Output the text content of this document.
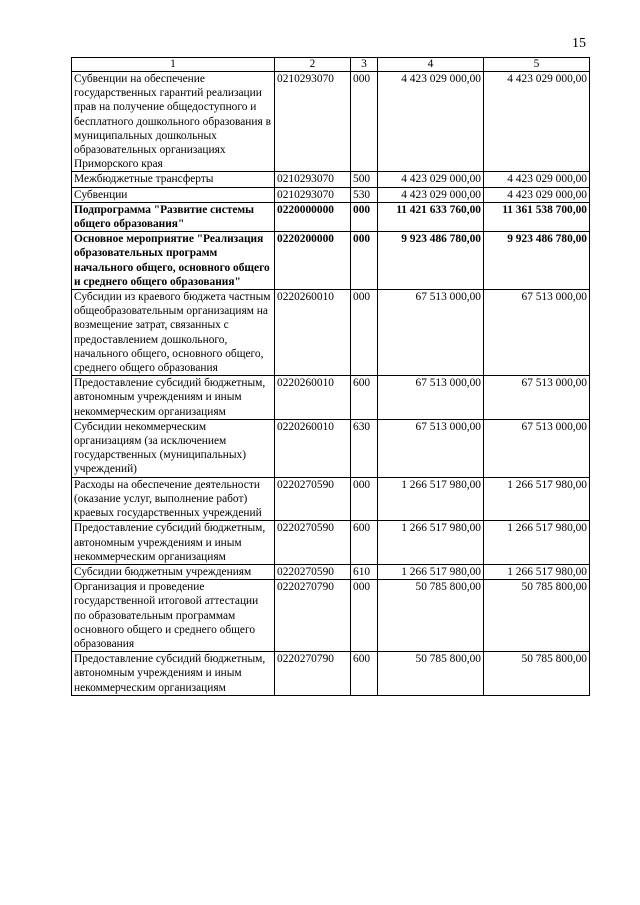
15
1	2	3	4	5
Субвенции на обеспечение государственных гарантий реализации прав на получение общедоступного и бесплатного дошкольного образования в муниципальных дошкольных образовательных организациях Приморского края	0210293070	000	4 423 029 000,00	4 423 029 000,00
Межбюджетные трансферты	0210293070	500	4 423 029 000,00	4 423 029 000,00
Субвенции	0210293070	530	4 423 029 000,00	4 423 029 000,00
Подпрограмма "Развитие системы общего образования"	0220000000	000	11 421 633 760,00	11 361 538 700,00
Основное мероприятие "Реализация образовательных программ начального общего, основного общего и среднего общего образования"	0220200000	000	9 923 486 780,00	9 923 486 780,00
Субсидии из краевого бюджета частным общеобразовательным организациям на возмещение затрат, связанных с предоставлением дошкольного, начального общего, основного общего, среднего общего образования	0220260010	000	67 513 000,00	67 513 000,00
Предоставление субсидий бюджетным, автономным учреждениям и иным некоммерческим организациям	0220260010	600	67 513 000,00	67 513 000,00
Субсидии некоммерческим организациям (за исключением государственных (муниципальных) учреждений)	0220260010	630	67 513 000,00	67 513 000,00
Расходы на обеспечение деятельности (оказание услуг, выполнение работ) краевых государственных учреждений	0220270590	000	1 266 517 980,00	1 266 517 980,00
Предоставление субсидий бюджетным, автономным учреждениям и иным некоммерческим организациям	0220270590	600	1 266 517 980,00	1 266 517 980,00
Субсидии бюджетным учреждениям	0220270590	610	1 266 517 980,00	1 266 517 980,00
Организация и проведение государственной итоговой аттестации по образовательным программам основного общего и среднего общего образования	0220270790	000	50 785 800,00	50 785 800,00
Предоставление субсидий бюджетным, автономным учреждениям и иным некоммерческим организациям	0220270790	600	50 785 800,00	50 785 800,00
